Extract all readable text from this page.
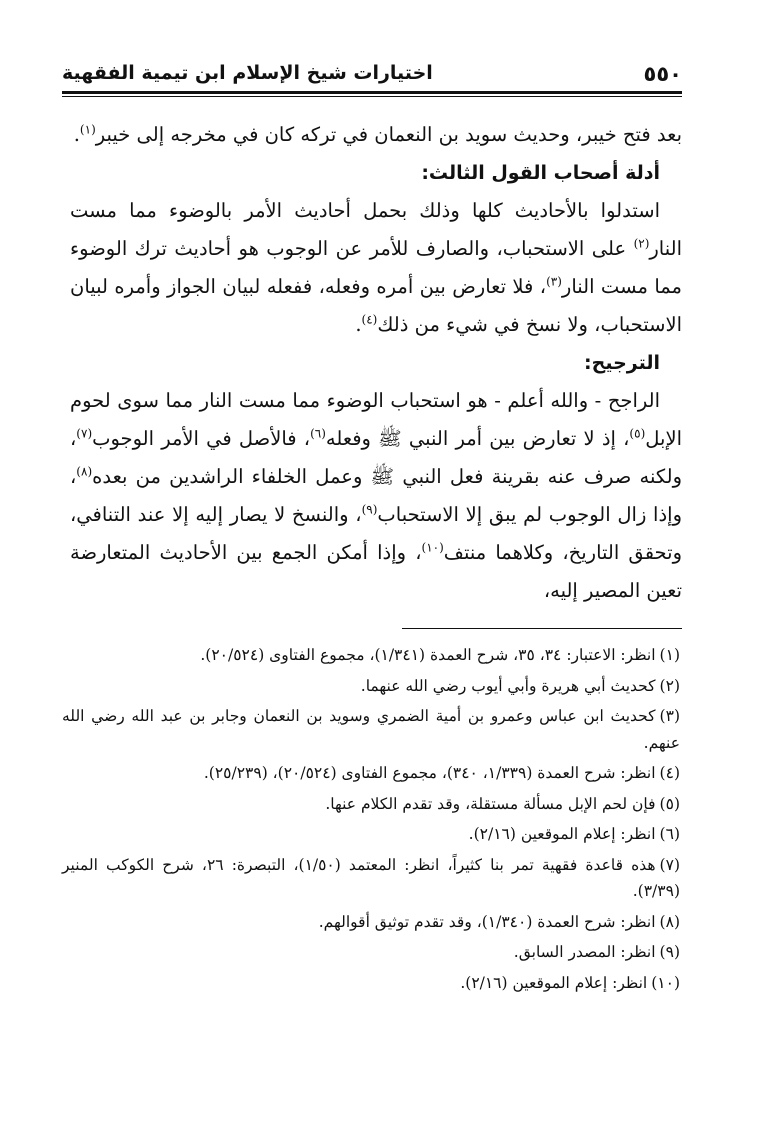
٥٥٠
اختيارات شيخ الإسلام ابن تيمية الفقهية

بعد فتح خيبر، وحديث سويد بن النعمان في تركه كان في مخرجه إلى خيبر$^{(١)}$.

أدلة أصحاب القول الثالث:

استدلوا بالأحاديث كلها وذلك بحمل أحاديث الأمر بالوضوء مما مست النار$^{(٢)}$ على الاستحباب، والصارف للأمر عن الوجوب هو أحاديث ترك الوضوء مما مست النار$^{(٣)}$، فلا تعارض بين أمره وفعله، ففعله لبيان الجواز وأمره لبيان الاستحباب، ولا نسخ في شيء من ذلك$^{(٤)}$.

الترجيح:

الراجح - والله أعلم - هو استحباب الوضوء مما مست النار مما سوى لحوم الإبل$^{(٥)}$، إذ لا تعارض بين أمر النبي ﷺ وفعله$^{(٦)}$، فالأصل في الأمر الوجوب$^{(٧)}$، ولكنه صرف عنه بقرينة فعل النبي ﷺ وعمل الخلفاء الراشدين من بعده$^{(٨)}$، وإذا زال الوجوب لم يبق إلا الاستحباب$^{(٩)}$، والنسخ لا يصار إليه إلا عند التنافي، وتحقق التاريخ، وكلاهما منتف$^{(١٠)}$، وإذا أمكن الجمع بين الأحاديث المتعارضة تعين المصير إليه،

(١)انظر: الاعتبار: ٣٤، ٣٥، شرح العمدة (١/٣٤١)، مجموع الفتاوى (٢٠/٥٢٤).

(٢)كحديث أبي هريرة وأبي أيوب رضي الله عنهما.

(٣)كحديث ابن عباس وعمرو بن أمية الضمري وسويد بن النعمان وجابر بن عبد الله رضي الله عنهم.

(٤)انظر: شرح العمدة (١/٣٣٩، ٣٤٠)، مجموع الفتاوى (٢٠/٥٢٤)، (٢٥/٢٣٩).

(٥)فإن لحم الإبل مسألة مستقلة، وقد تقدم الكلام عنها.

(٦)انظر: إعلام الموقعين (٢/١٦).

(٧)هذه قاعدة فقهية تمر بنا كثيراً، انظر: المعتمد (١/٥٠)، التبصرة: ٢٦، شرح الكوكب المنير (٣/٣٩).

(٨)انظر: شرح العمدة (١/٣٤٠)، وقد تقدم توثيق أقوالهم.

(٩)انظر: المصدر السابق.

(١٠)انظر: إعلام الموقعين (٢/١٦).
